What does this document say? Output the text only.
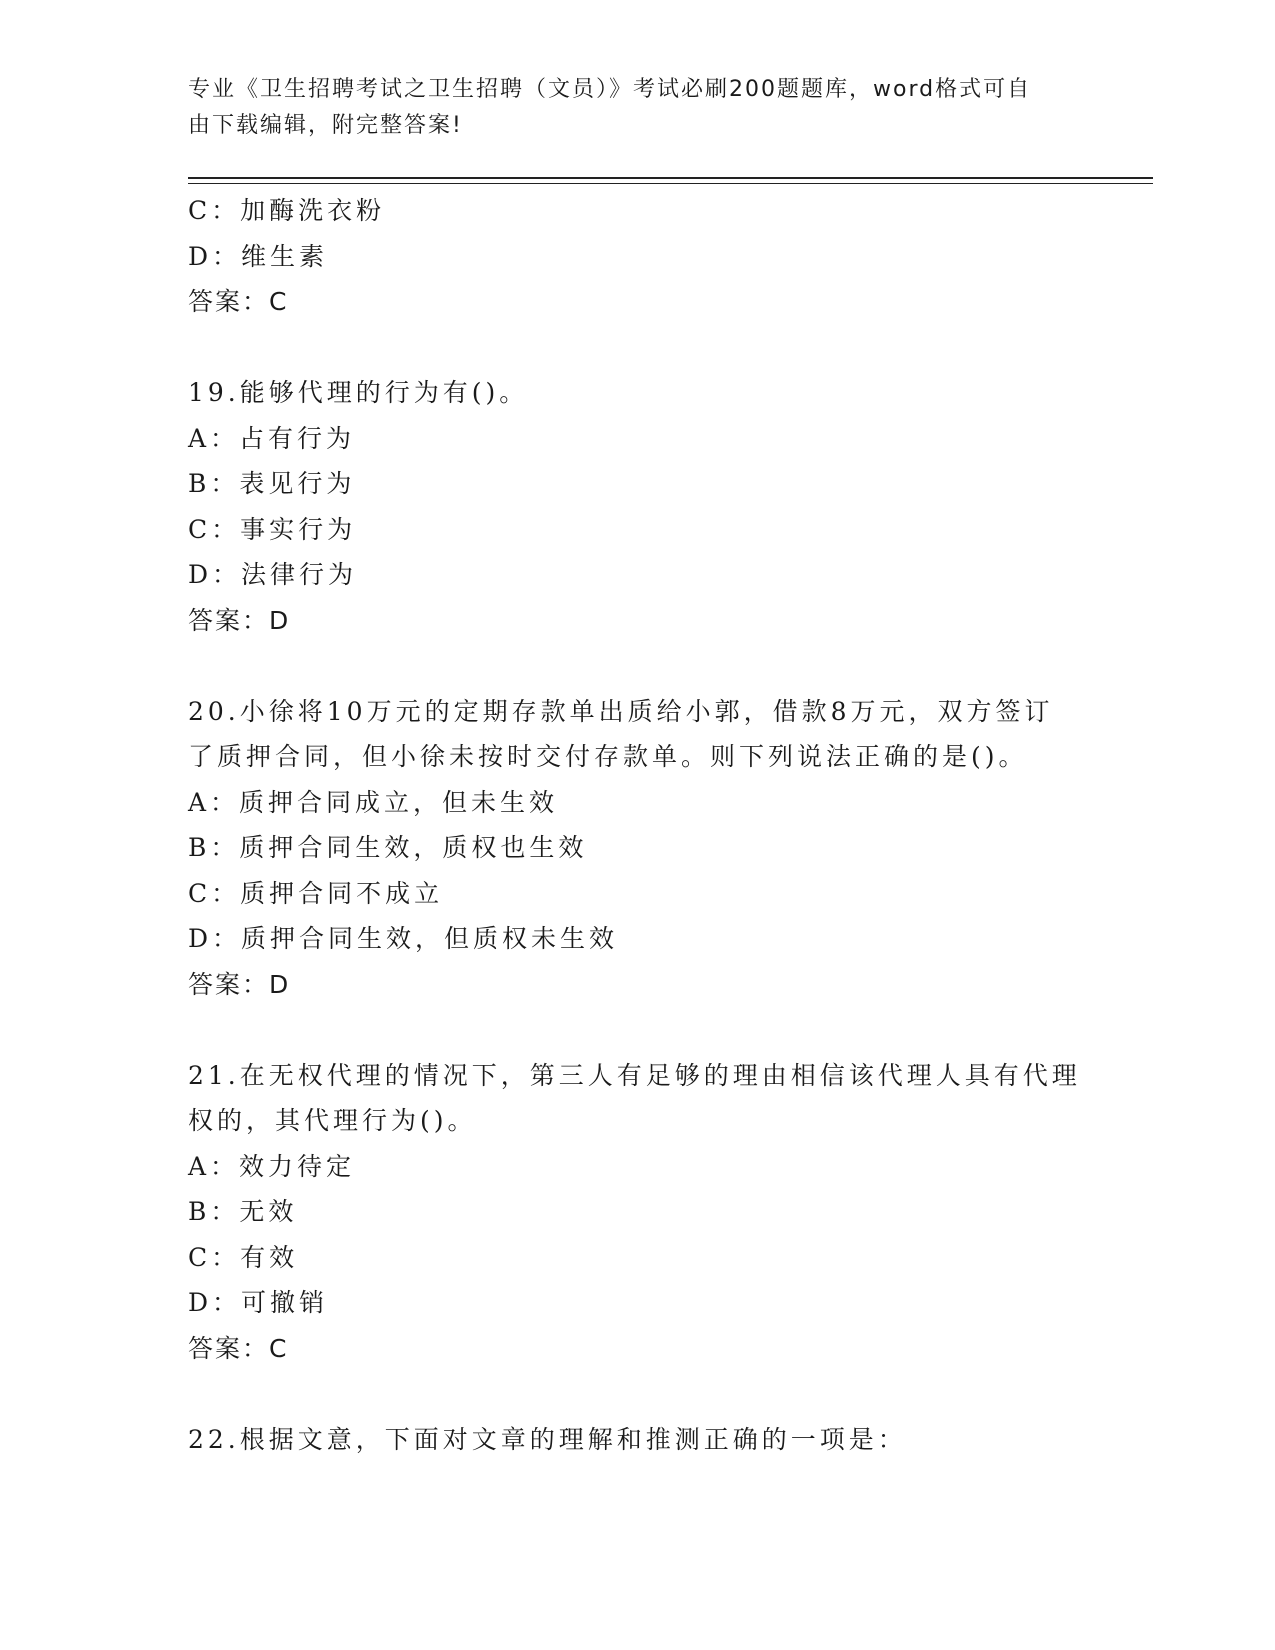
专业《卫生招聘考试之卫生招聘（文员）》考试必刷200题题库，word格式可自
由下载编辑，附完整答案!
C：加酶洗衣粉
D：维生素
答案：C
19.能够代理的行为有()。
A：占有行为
B：表见行为
C：事实行为
D：法律行为
答案：D
20.小徐将10万元的定期存款单出质给小郭，借款8万元，双方签订
了质押合同，但小徐未按时交付存款单。则下列说法正确的是()。
A：质押合同成立，但未生效
B：质押合同生效，质权也生效
C：质押合同不成立
D：质押合同生效，但质权未生效
答案：D
21.在无权代理的情况下，第三人有足够的理由相信该代理人具有代理
权的，其代理行为()。
A：效力待定
B：无效
C：有效
D：可撤销
答案：C
22.根据文意，下面对文章的理解和推测正确的一项是：
